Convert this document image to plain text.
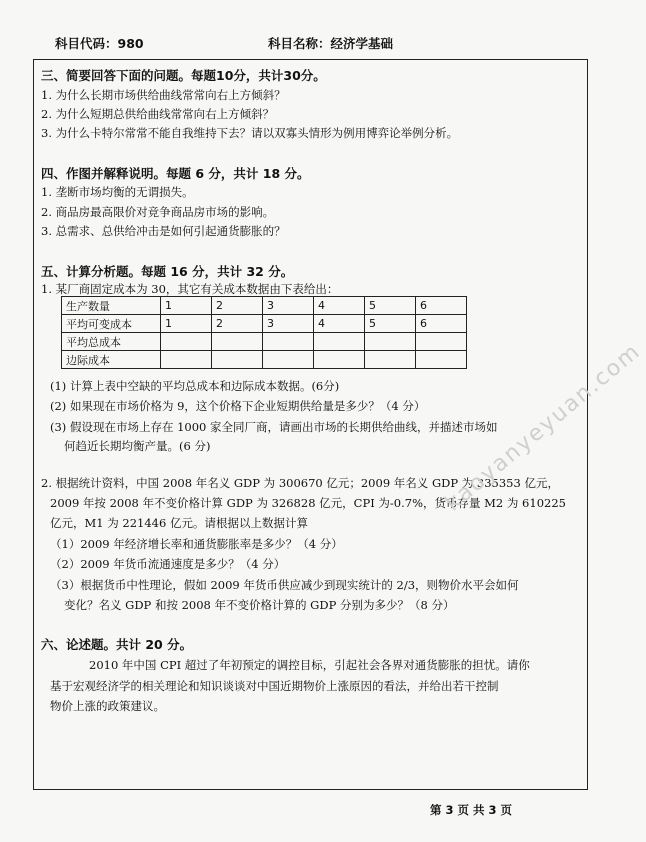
科目代码：980	科目名称：经济学基础
三、简要回答下面的问题。每题10分，共计30分。
1. 为什么长期市场供给曲线常常向右上方倾斜？
2. 为什么短期总供给曲线常常向右上方倾斜？
3. 为什么卡特尔常常不能自我维持下去？请以双寡头情形为例用博弈论举例分析。
四、作图并解释说明。每题 6 分，共计 18 分。
1. 垄断市场均衡的无谓损失。
2. 商品房最高限价对竞争商品房市场的影响。
3. 总需求、总供给冲击是如何引起通货膨胀的？
五、计算分析题。每题 16 分，共计 32 分。
1. 某厂商固定成本为 30，其它有关成本数据由下表给出：
生产数量	1	2	3	4	5	6
平均可变成本	1	2	3	4	5	6
平均总成本						
边际成本						
(1) 计算上表中空缺的平均总成本和边际成本数据。(6分)
(2) 如果现在市场价格为 9，这个价格下企业短期供给量是多少？（4 分）
(3) 假设现在市场上存在 1000 家全同厂商，请画出市场的长期供给曲线，并描述市场如
何趋近长期均衡产量。(6 分)
2. 根据统计资料，中国 2008 年名义 GDP 为 300670 亿元；2009 年名义 GDP 为 335353 亿元，
2009 年按 2008 年不变价格计算 GDP 为 326828 亿元，CPI 为-0.7%，货币存量 M2 为 610225
亿元，M1 为 221446 亿元。请根据以上数据计算
（1）2009 年经济增长率和通货膨胀率是多少？（4 分）
（2）2009 年货币流通速度是多少？（4 分）
（3）根据货币中性理论，假如 2009 年货币供应减少到现实统计的 2/3，则物价水平会如何
变化？名义 GDP 和按 2008 年不变价格计算的 GDP 分别为多少？（8 分）
六、论述题。共计 20 分。
2010 年中国 CPI 超过了年初预定的调控目标，引起社会各界对通货膨胀的担忧。请你
基于宏观经济学的相关理论和知识谈谈对中国近期物价上涨原因的看法，并给出若干控制
物价上涨的政策建议。
kaoyanyeyuan.com
第 3 页 共 3 页
